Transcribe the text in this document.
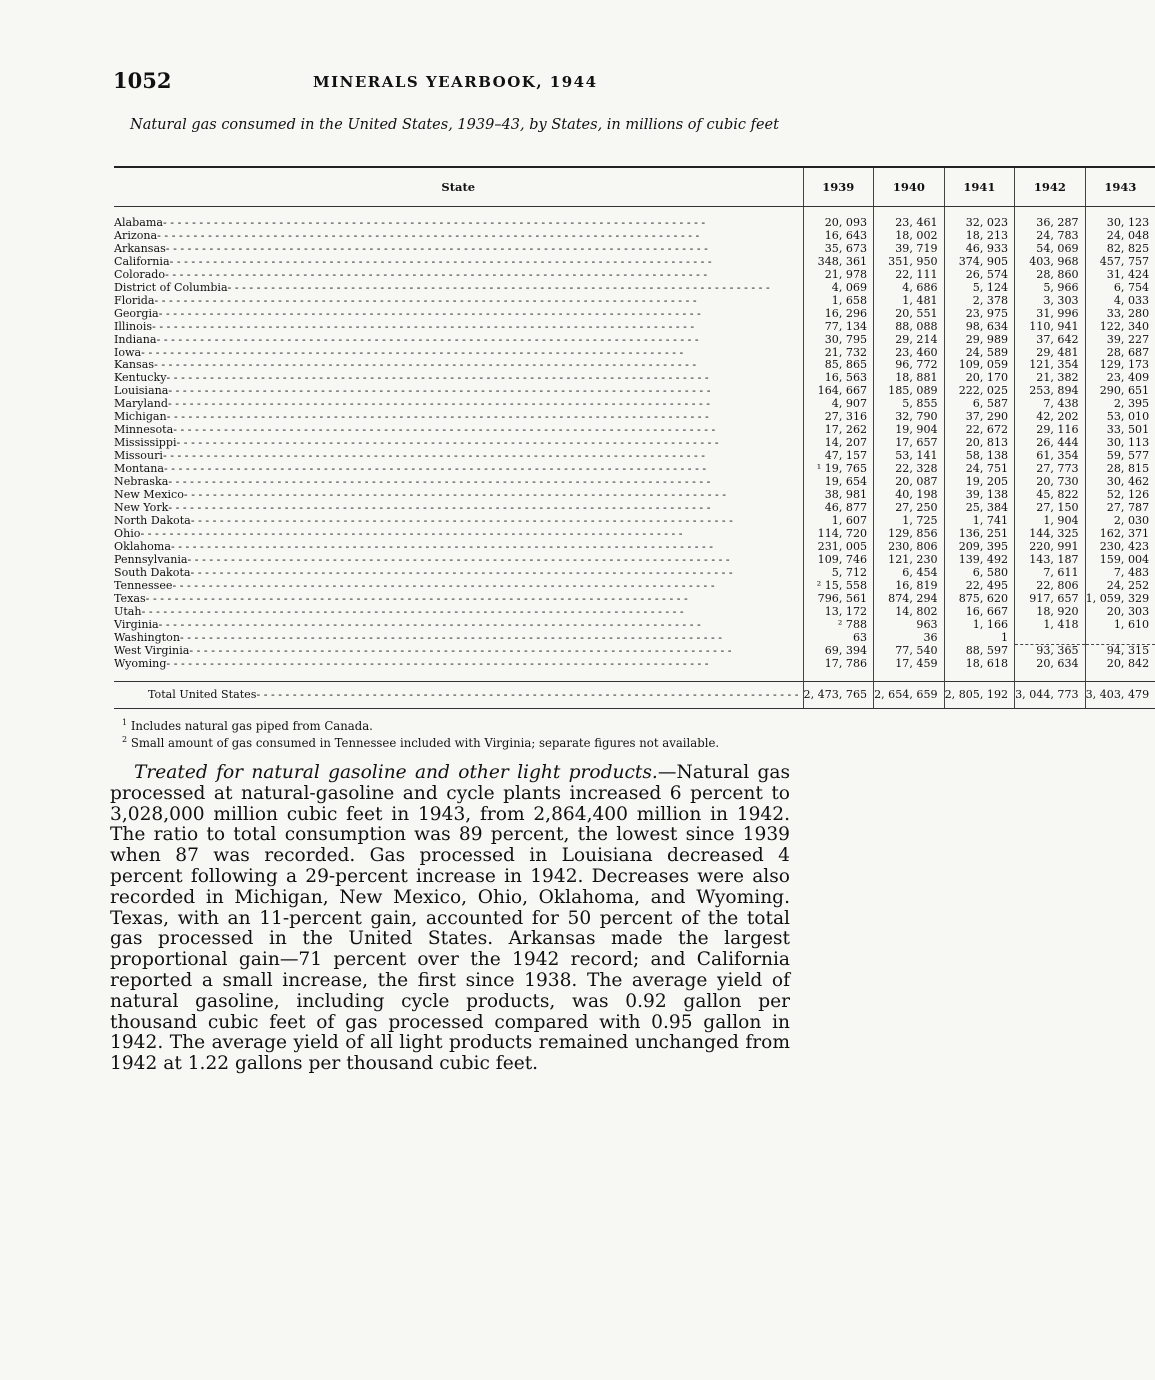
1052	MINERALS YEARBOOK, 1944
Natural gas consumed in the United States, 1939–43, by States, in millions of cubic feet
State	1939	1940	1941	1942	1943

Alabama
- - -	20, 093	23, 461	32, 023	36, 287	30, 123

Arizona
- - -	16, 643	18, 002	18, 213	24, 783	24, 048

Arkansas
- - -	35, 673	39, 719	46, 933	54, 069	82, 825

California
- - -	348, 361	351, 950	374, 905	403, 968	457, 757

Colorado
- - -	21, 978	22, 111	26, 574	28, 860	31, 424

District of Columbia
- - -	4, 069	4, 686	5, 124	5, 966	6, 754

Florida
- - -	1, 658	1, 481	2, 378	3, 303	4, 033

Georgia
- - -	16, 296	20, 551	23, 975	31, 996	33, 280

Illinois
- - -	77, 134	88, 088	98, 634	110, 941	122, 340

Indiana
- - -	30, 795	29, 214	29, 989	37, 642	39, 227

Iowa
- - -	21, 732	23, 460	24, 589	29, 481	28, 687

Kansas
- - -	85, 865	96, 772	109, 059	121, 354	129, 173

Kentucky
- - -	16, 563	18, 881	20, 170	21, 382	23, 409

Louisiana
- - -	164, 667	185, 089	222, 025	253, 894	290, 651

Maryland
- - -	4, 907	5, 855	6, 587	7, 438	2, 395

Michigan
- - -	27, 316	32, 790	37, 290	42, 202	53, 010

Minnesota
- - -	17, 262	19, 904	22, 672	29, 116	33, 501

Mississippi
- - -	14, 207	17, 657	20, 813	26, 444	30, 113

Missouri
- - -	47, 157	53, 141	58, 138	61, 354	59, 577

Montana
- - -	¹ 19, 765	22, 328	24, 751	27, 773	28, 815

Nebraska
- - -	19, 654	20, 087	19, 205	20, 730	30, 462

New Mexico
- - -	38, 981	40, 198	39, 138	45, 822	52, 126

New York
- - -	46, 877	27, 250	25, 384	27, 150	27, 787

North Dakota
- - -	1, 607	1, 725	1, 741	1, 904	2, 030

Ohio
- - -	114, 720	129, 856	136, 251	144, 325	162, 371

Oklahoma
- - -	231, 005	230, 806	209, 395	220, 991	230, 423

Pennsylvania
- - -	109, 746	121, 230	139, 492	143, 187	159, 004

South Dakota
- - -	5, 712	6, 454	6, 580	7, 611	7, 483

Tennessee
- - -	² 15, 558	16, 819	22, 495	22, 806	24, 252

Texas
- - -	796, 561	874, 294	875, 620	917, 657	1, 059, 329

Utah
- - -	13, 172	14, 802	16, 667	18, 920	20, 303

Virginia
- - -	² 788	963	1, 166	1, 418	1, 610

Washington
- - -	63	36	1		

West Virginia
- - -	69, 394	77, 540	88, 597	93, 365	94, 315

Wyoming
- - -	17, 786	17, 459	18, 618	20, 634	20, 842

Total United States
- - -	2, 473, 765	2, 654, 659	2, 805, 192	3, 044, 773	3, 403, 479
$^1$ Includes natural gas piped from Canada.
$^2$ Small amount of gas consumed in Tennessee included with Virginia; separate figures not available.
Treated for natural gasoline and other light products.—Natural gas processed at natural-gasoline and cycle plants increased 6 percent to 3,028,000 million cubic feet in 1943, from 2,864,400 million in 1942. The ratio to total consumption was 89 percent, the lowest since 1939 when 87 was recorded. Gas processed in Louisiana decreased 4 percent following a 29-percent increase in 1942. Decreases were also recorded in Michigan, New Mexico, Ohio, Oklahoma, and Wyoming. Texas, with an 11-percent gain, accounted for 50 percent of the total gas processed in the United States. Arkansas made the largest proportional gain—71 percent over the 1942 record; and California reported a small increase, the first since 1938. The average yield of natural gasoline, including cycle products, was 0.92 gallon per thousand cubic feet of gas processed compared with 0.95 gallon in 1942. The average yield of all light products remained unchanged from 1942 at 1.22 gallons per thousand cubic feet.
